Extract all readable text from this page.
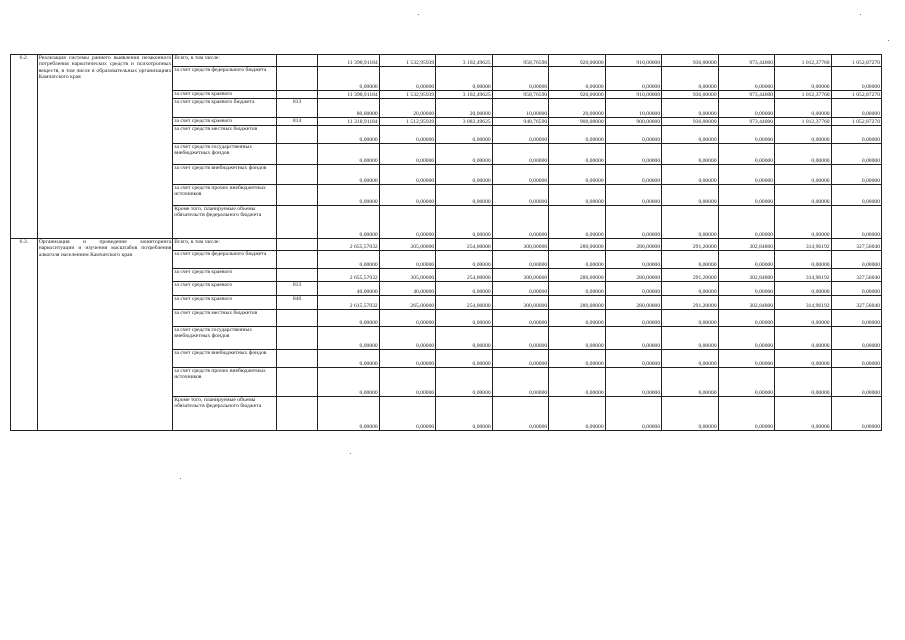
6.2.	Реализация системы раннего выявления незаконного потребления наркотических средств и психотропных веществ, в том числе в образовательных организациях Камчатского края	Всего, в том числе:		11 398,91184	1 532,95939	3 102,49625	958,76590	920,00000	910,00000	936,00000	973,44000	1 012,37760	1 052,87270
		за счет средств федерального бюджета		0,00000	0,00000	0,00000	0,00000	0,00000	0,00000	0,00000	0,00000	0,00000	0,00000
		за счет средств краевого		11 398,91184	1 532,95939	3 102,49625	958,76590	920,00000	910,00000	936,00000	973,44000	1 012,37760	1 052,87270
		за счет средств краевого бюджета	813	80,00000	20,00000	20,00000	10,00000	20,00000	10,00000	0,00000	0,00000	0,00000	0,00000
		за счет средств краевого	814	11 318,91184	1 512,95939	3 082,49625	948,76590	900,00000	900,00000	936,00000	973,44000	1 012,37760	1 052,87270
		за счет средств местных бюджетов		0,00000	0,00000	0,00000	0,00000	0,00000	0,00000	0,00000	0,00000	0,00000	0,00000
		за счет средств государственных внебюджетных фондов		0,00000	0,00000	0,00000	0,00000	0,00000	0,00000	0,00000	0,00000	0,00000	0,00000
		за счет средств внебюджетных фондов		0,00000	0,00000	0,00000	0,00000	0,00000	0,00000	0,00000	0,00000	0,00000	0,00000
		за счет средств прочих внебюджетных источников		0,00000	0,00000	0,00000	0,00000	0,00000	0,00000	0,00000	0,00000	0,00000	0,00000
		Кроме того, планируемые объемы обязательств федерального бюджета		0,00000	0,00000	0,00000	0,00000	0,00000	0,00000	0,00000	0,00000	0,00000	0,00000
6.3.	Организация и проведение мониторинга наркоситуации и изучения масштабов потребления алкоголя населением Камчатского края	Всего, в том числе:		2 655,57032	305,00000	254,00000	300,00000	280,00000	280,00000	291,20000	302,84800	314,96192	327,56040
		за счет средств федерального бюджета		0,00000	0,00000	0,00000	0,00000	0,00000	0,00000	0,00000	0,00000	0,00000	0,00000
		за счет средств краевого		2 655,57032	305,00000	254,00000	300,00000	280,00000	280,00000	291,20000	302,84800	314,96192	327,56040
		за счет средств краевого	813	40,00000	40,00000	0,00000	0,00000	0,00000	0,00000	0,00000	0,00000	0,00000	0,00000
		за счет средств краевого	846	2 615,57032	265,00000	254,00000	300,00000	280,00000	280,00000	291,20000	302,84800	314,96192	327,56040
		за счет средств местных бюджетов		0,00000	0,00000	0,00000	0,00000	0,00000	0,00000	0,00000	0,00000	0,00000	0,00000
		за счет средств государственных внебюджетных фондов		0,00000	0,00000	0,00000	0,00000	0,00000	0,00000	0,00000	0,00000	0,00000	0,00000
		за счет средств внебюджетных фондов		0,00000	0,00000	0,00000	0,00000	0,00000	0,00000	0,00000	0,00000	0,00000	0,00000
		за счет средств прочих внебюджетных источников		0,00000	0,00000	0,00000	0,00000	0,00000	0,00000	0,00000	0,00000	0,00000	0,00000
		Кроме того, планируемые объемы обязательств федерального бюджета		0,00000	0,00000	0,00000	0,00000	0,00000	0,00000	0,00000	0,00000	0,00000	0,00000
